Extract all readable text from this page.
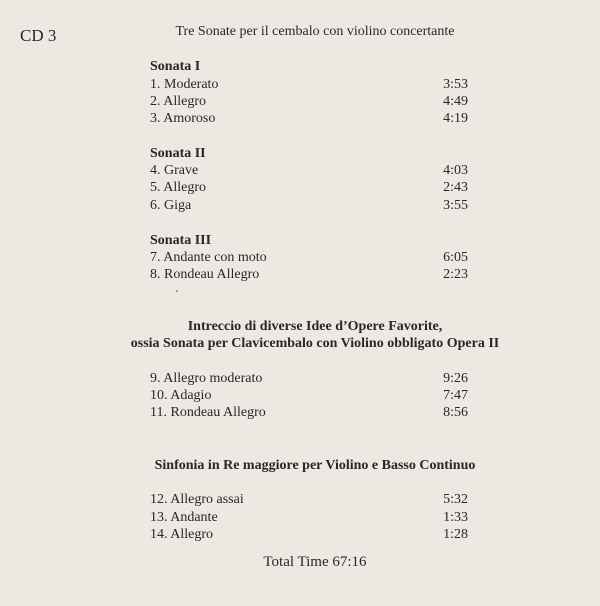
CD 3	Tre Sonate per il cembalo con violino concertante
Sonata I
1. Moderato	3:53
2. Allegro	4:49
3. Amoroso	4:19
Sonata II
4. Grave	4:03
5. Allegro	2:43
6. Giga	3:55
Sonata III
7. Andante con moto	6:05
8. Rondeau Allegro	2:23
Intreccio di diverse Idee d’Opere Favorite,
ossia Sonata per Clavicembalo con Violino obbligato Opera II
9. Allegro moderato	9:26
10. Adagio	7:47
11. Rondeau Allegro	8:56
Sinfonia in Re maggiore per Violino e Basso Continuo
12. Allegro assai	5:32
13. Andante	1:33
14. Allegro	1:28
Total Time 67:16
